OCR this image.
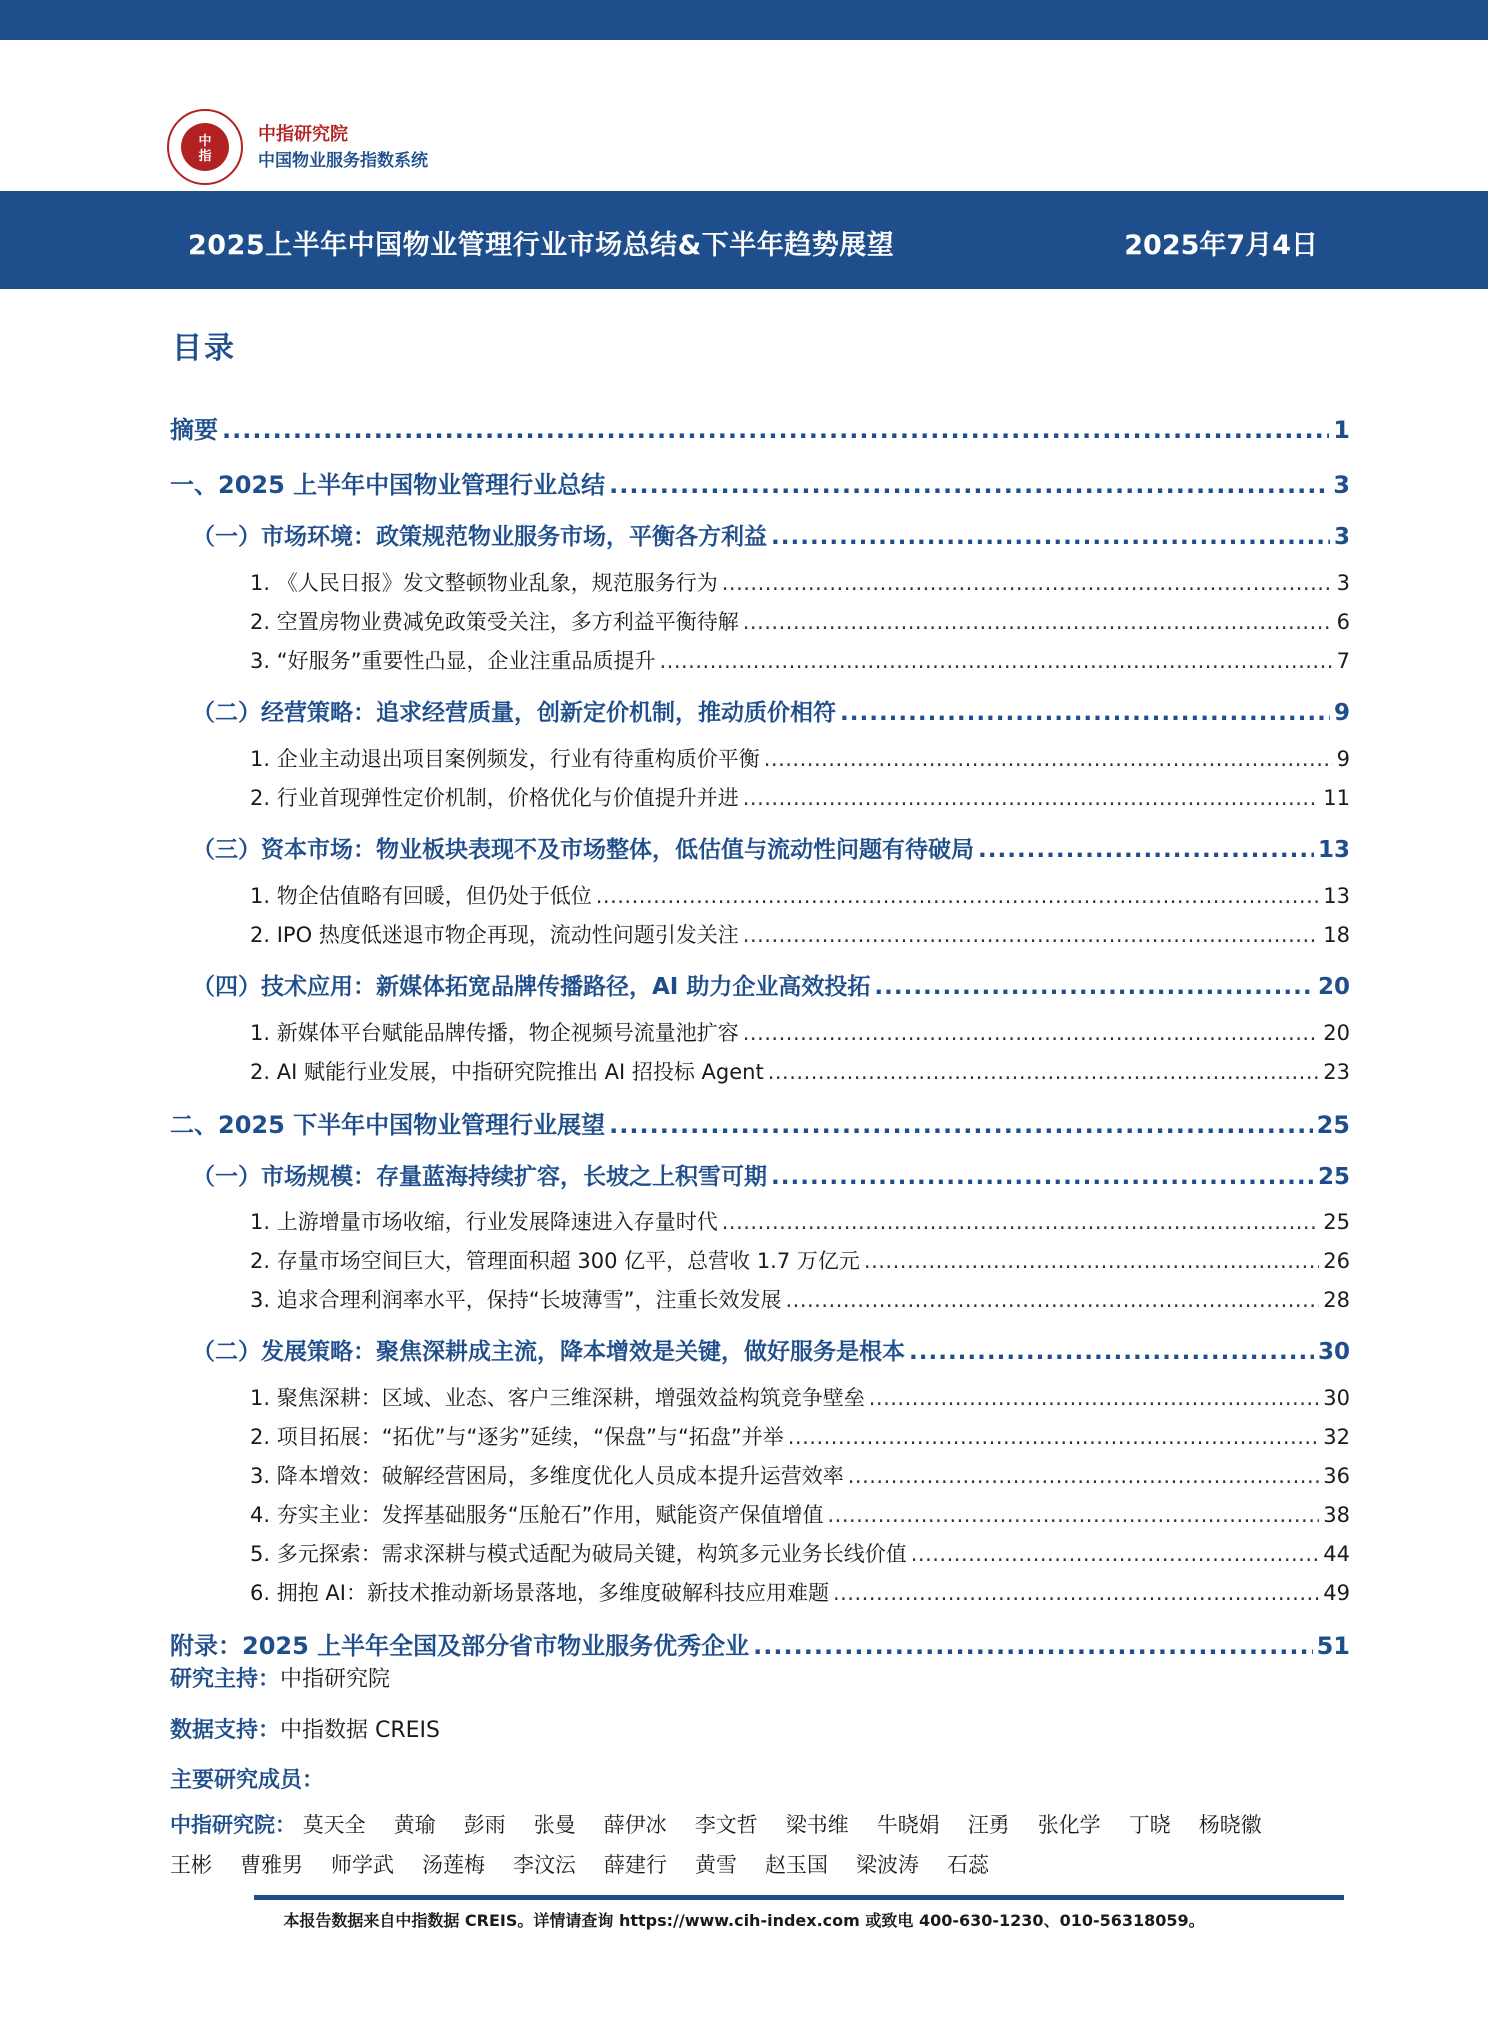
中
指
中指研究院
中国物业服务指数系统
2025上半年中国物业管理行业市场总结&下半年趋势展望	2025年7月4日
目录
摘要 .....	1
一、2025 上半年中国物业管理行业总结 .....	3
（一）市场环境：政策规范物业服务市场，平衡各方利益 .....	3
1. 《人民日报》发文整顿物业乱象，规范服务行为 .....	3
2. 空置房物业费减免政策受关注，多方利益平衡待解 .....	6
3. “好服务”重要性凸显，企业注重品质提升 .....	7
（二）经营策略：追求经营质量，创新定价机制，推动质价相符 .....	9
1. 企业主动退出项目案例频发，行业有待重构质价平衡 .....	9
2. 行业首现弹性定价机制，价格优化与价值提升并进 .....	11
（三）资本市场：物业板块表现不及市场整体，低估值与流动性问题有待破局 .....	13
1. 物企估值略有回暖，但仍处于低位 .....	13
2. IPO 热度低迷退市物企再现，流动性问题引发关注 .....	18
（四）技术应用：新媒体拓宽品牌传播路径，AI 助力企业高效投拓 .....	20
1. 新媒体平台赋能品牌传播，物企视频号流量池扩容 .....	20
2. AI 赋能行业发展，中指研究院推出 AI 招投标 Agent .....	23
二、2025 下半年中国物业管理行业展望 .....	25
（一）市场规模：存量蓝海持续扩容，长坡之上积雪可期 .....	25
1. 上游增量市场收缩，行业发展降速进入存量时代 .....	25
2. 存量市场空间巨大，管理面积超 300 亿平，总营收 1.7 万亿元 .....	26
3. 追求合理利润率水平，保持“长坡薄雪”，注重长效发展 .....	28
（二）发展策略：聚焦深耕成主流，降本增效是关键，做好服务是根本 .....	30
1. 聚焦深耕：区域、业态、客户三维深耕，增强效益构筑竞争壁垒 .....	30
2. 项目拓展：“拓优”与“逐劣”延续，“保盘”与“拓盘”并举 .....	32
3. 降本增效：破解经营困局，多维度优化人员成本提升运营效率 .....	36
4. 夯实主业：发挥基础服务“压舱石”作用，赋能资产保值增值 .....	38
5. 多元探索：需求深耕与模式适配为破局关键，构筑多元业务长线价值 .....	44
6. 拥抱 AI：新技术推动新场景落地，多维度破解科技应用难题 .....	49
附录：2025 上半年全国及部分省市物业服务优秀企业 .....	51
研究主持：中指研究院
数据支持：中指数据 CREIS
主要研究成员：
中指研究院： 莫天全 黄瑜 彭雨 张曼 薛伊冰 李文哲 梁书维 牛晓娟 汪勇 张化学 丁晓 杨晓徽王彬 曹雅男 师学武 汤莲梅 李汶沄 薛建行 黄雪 赵玉国 梁波涛 石蕊
本报告数据来自中指数据 CREIS。详情请查询 https://www.cih-index.com 或致电 400-630-1230、010-56318059。
